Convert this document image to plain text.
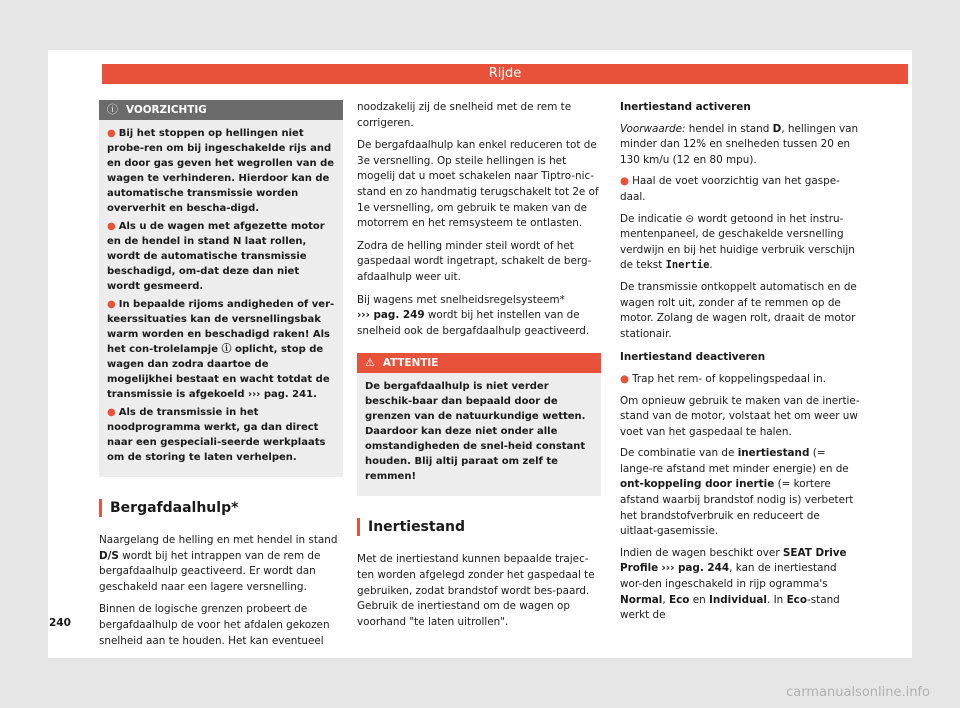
Rijde
ⓘ VOORZICHTIG

● Bij het stoppen op hellingen niet probe-ren om bij ingeschakelde rijs and en door gas geven het wegrollen van de wagen te verhinderen. Hierdoor kan de automatische transmissie worden oververhit en bescha-digd.

● Als u de wagen met afgezette motor en de hendel in stand N laat rollen, wordt de automatische transmissie beschadigd, om-dat deze dan niet wordt gesmeerd.

● In bepaalde rijoms andigheden of ver-keerssituaties kan de versnellingsbak warm worden en beschadigd raken! Als het con-trolelampje ⓘ oplicht, stop de wagen dan zodra daartoe de mogelijkhei bestaat en wacht totdat de transmissie is afgekoeld ››› pag. 241.

● Als de transmissie in het noodprogramma werkt, ga dan direct naar een gespeciali-seerde werkplaats om de storing te laten verhelpen.

Bergafdaalhulp*

Naargelang de helling en met hendel in stand D/S wordt bij het intrappen van de rem de bergafdaalhulp geactiveerd. Er wordt dan geschakeld naar een lagere versnelling.

Binnen de logische grenzen probeert de bergafdaalhulp de voor het afdalen gekozen snelheid aan te houden. Het kan eventueel

noodzakelij zij de snelheid met de rem te corrigeren.

De bergafdaalhulp kan enkel reduceren tot de 3e versnelling. Op steile hellingen is het mogelij dat u moet schakelen naar Tiptro-nic-stand en zo handmatig terugschakelt tot 2e of 1e versnelling, om gebruik te maken van de motorrem en het remsysteem te ontlasten.

Zodra de helling minder steil wordt of het gaspedaal wordt ingetrapt, schakelt de berg-afdaalhulp weer uit.

Bij wagens met snelheidsregelsysteem*
››› pag. 249 wordt bij het instellen van de snelheid ook de bergafdaalhulp geactiveerd.

⚠ ATTENTIE

De bergafdaalhulp is niet verder beschik-baar dan bepaald door de grenzen van de natuurkundige wetten. Daardoor kan deze niet onder alle omstandigheden de snel-heid constant houden. Blij altij paraat om zelf te remmen!

Inertiestand

Met de inertiestand kunnen bepaalde trajec-ten worden afgelegd zonder het gaspedaal te gebruiken, zodat brandstof wordt bes-paard. Gebruik de inertiestand om de wagen op voorhand "te laten uitrollen".

Inertiestand activeren

Voorwaarde: hendel in stand D, hellingen van minder dan 12% en snelheden tussen 20 en 130 km/u (12 en 80 mpu).

● Haal de voet voorzichtig van het gaspe-daal.

De indicatie ⊝ wordt getoond in het instru-mentenpaneel, de geschakelde versnelling verdwijn en bij het huidige verbruik verschijn de tekst Inertie.

De transmissie ontkoppelt automatisch en de wagen rolt uit, zonder af te remmen op de motor. Zolang de wagen rolt, draait de motor stationair.

Inertiestand deactiveren

● Trap het rem- of koppelingspedaal in.

Om opnieuw gebruik te maken van de inertie-stand van de motor, volstaat het om weer uw voet van het gaspedaal te halen.

De combinatie van de inertiestand (= lange-re afstand met minder energie) en de ont-koppeling door inertie (= kortere afstand waarbij brandstof nodig is) verbetert het brandstofverbruik en reduceert de uitlaat-gasemissie.

Indien de wagen beschikt over SEAT Drive Profile ››› pag. 244, kan de inertiestand wor-den ingeschakeld in rijp ogramma's Normal, Eco en Individual. In Eco-stand werkt de

240
carmanualsonline.info
